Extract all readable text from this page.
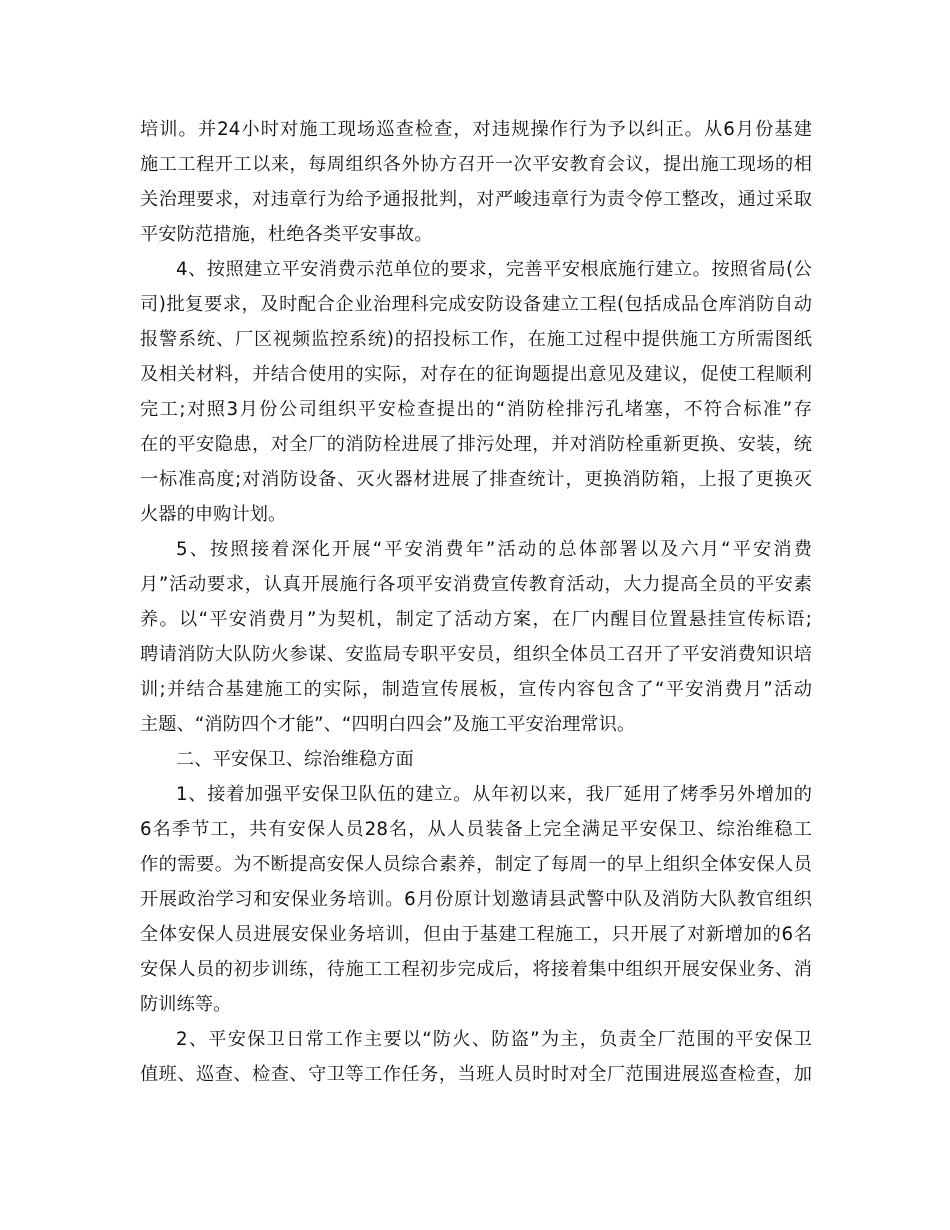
培训。并24小时对施工现场巡查检查，对违规操作行为予以纠正。从6月份基建
施工工程开工以来，每周组织各外协方召开一次平安教育会议，提出施工现场的相
关治理要求，对违章行为给予通报批判，对严峻违章行为责令停工整改，通过采取
平安防范措施，杜绝各类平安事故。
4、按照建立平安消费示范单位的要求，完善平安根底施行建立。按照省局(公
司)批复要求，及时配合企业治理科完成安防设备建立工程(包括成品仓库消防自动
报警系统、厂区视频监控系统)的招投标工作，在施工过程中提供施工方所需图纸
及相关材料，并结合使用的实际，对存在的征询题提出意见及建议，促使工程顺利
完工;对照3月份公司组织平安检查提出的“消防栓排污孔堵塞，不符合标准”存
在的平安隐患，对全厂的消防栓进展了排污处理，并对消防栓重新更换、安装，统
一标准高度;对消防设备、灭火器材进展了排查统计，更换消防箱，上报了更换灭
火器的申购计划。
5、按照接着深化开展“平安消费年”活动的总体部署以及六月“平安消费
月”活动要求，认真开展施行各项平安消费宣传教育活动，大力提高全员的平安素
养。以“平安消费月”为契机，制定了活动方案，在厂内醒目位置悬挂宣传标语;
聘请消防大队防火参谋、安监局专职平安员，组织全体员工召开了平安消费知识培
训;并结合基建施工的实际，制造宣传展板，宣传内容包含了“平安消费月”活动
主题、“消防四个才能”、“四明白四会”及施工平安治理常识。
二、平安保卫、综治维稳方面
1、接着加强平安保卫队伍的建立。从年初以来，我厂延用了烤季另外增加的
6名季节工，共有安保人员28名，从人员装备上完全满足平安保卫、综治维稳工
作的需要。为不断提高安保人员综合素养，制定了每周一的早上组织全体安保人员
开展政治学习和安保业务培训。6月份原计划邀请县武警中队及消防大队教官组织
全体安保人员进展安保业务培训，但由于基建工程施工，只开展了对新增加的6名
安保人员的初步训练，待施工工程初步完成后，将接着集中组织开展安保业务、消
防训练等。
2、平安保卫日常工作主要以“防火、防盗”为主，负责全厂范围的平安保卫
值班、巡查、检查、守卫等工作任务，当班人员时时对全厂范围进展巡查检查，加
